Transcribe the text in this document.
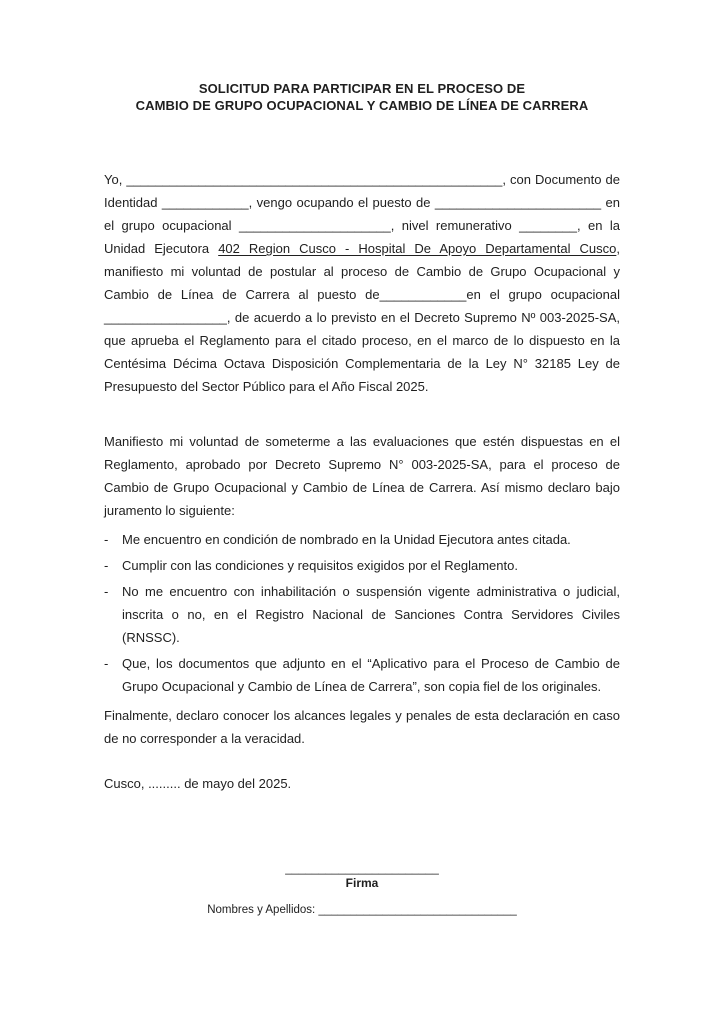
SOLICITUD PARA PARTICIPAR EN EL PROCESO DE
CAMBIO DE GRUPO OCUPACIONAL Y CAMBIO DE LÍNEA DE CARRERA
Yo, ____________________________________________________, con Documento de Identidad ____________, vengo ocupando el puesto de _______________________ en el grupo ocupacional _____________________, nivel remunerativo ________, en la Unidad Ejecutora 402 Region Cusco - Hospital De Apoyo Departamental Cusco, manifiesto mi voluntad de postular al proceso de Cambio de Grupo Ocupacional y Cambio de Línea de Carrera al puesto de____________en el grupo ocupacional _________________, de acuerdo a lo previsto en el Decreto Supremo Nº 003-2025-SA, que aprueba el Reglamento para el citado proceso, en el marco de lo dispuesto en la Centésima Décima Octava Disposición Complementaria de la Ley N° 32185 Ley de Presupuesto del Sector Público para el Año Fiscal 2025.
Manifiesto mi voluntad de someterme a las evaluaciones que estén dispuestas en el Reglamento, aprobado por Decreto Supremo N° 003-2025-SA, para el proceso de Cambio de Grupo Ocupacional y Cambio de Línea de Carrera. Así mismo declaro bajo juramento lo siguiente:
-	Me encuentro en condición de nombrado en la Unidad Ejecutora antes citada.
-	Cumplir con las condiciones y requisitos exigidos por el Reglamento.
-	No me encuentro con inhabilitación o suspensión vigente administrativa o judicial, inscrita o no, en el Registro Nacional de Sanciones Contra Servidores Civiles (RNSSC).
-	Que, los documentos que adjunto en el “Aplicativo para el Proceso de Cambio de Grupo Ocupacional y Cambio de Línea de Carrera”, son copia fiel de los originales.
Finalmente, declaro conocer los alcances legales y penales de esta declaración en caso de no corresponder a la veracidad.
Cusco, ......... de mayo del 2025.
_______________________
Firma
Nombres y Apellidos: _______________________________
